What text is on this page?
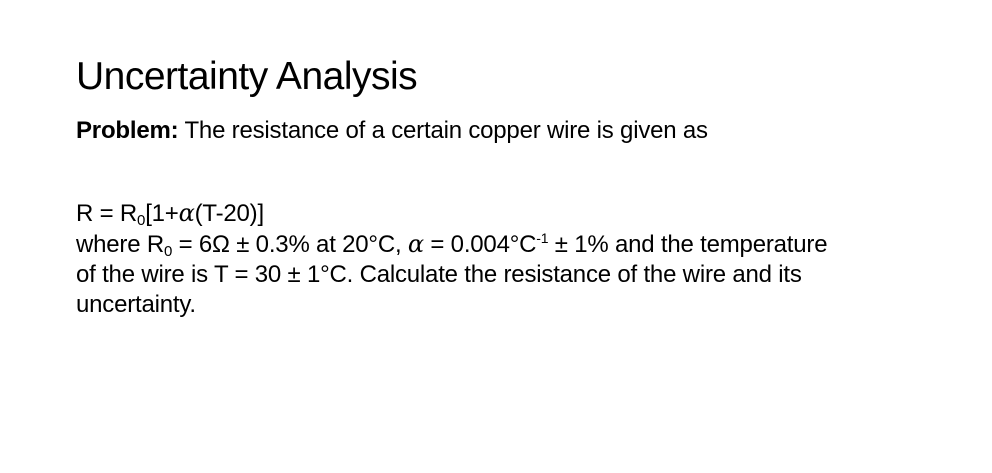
Uncertainty Analysis
Problem: The resistance of a certain copper wire is given as
$R = R_0[1+\alpha(T-20)]$
where $R_0 = 6\Omega \pm 0.3\%$ at 20°C, $\alpha = 0.004^\circ C^{-1} \pm 1\%$ and the temperature
of the wire is T = 30 ± 1°C. Calculate the resistance of the wire and its
uncertainty.
